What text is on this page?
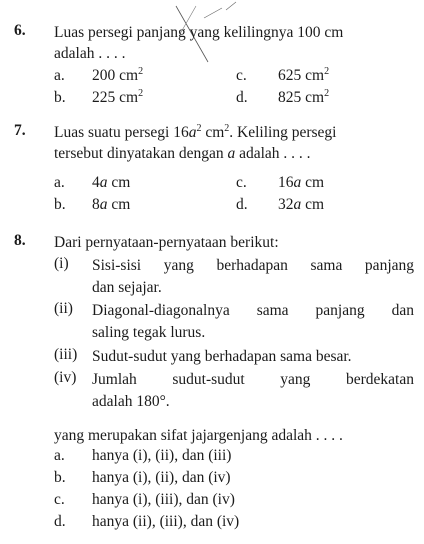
6. Luas persegi panjang yang kelilingnya 100 cm
adalah . . . .
a. 200 $cm^2$	c. 625 $cm^2$
b. 225 $cm^2$	d. 825 $cm^2$
7. Luas suatu persegi $16a^2$ $cm^2$. Keliling persegi
tersebut dinyatakan dengan a adalah . . . .
a. 4a cm	c. 16a cm
b. 8a cm	d. 32a cm
8. Dari pernyataan-pernyataan berikut:
(i) Sisi-sisi yang berhadapan sama panjang
dan sejajar.
(ii) Diagonal-diagonalnya sama panjang dan
saling tegak lurus.
(iii) Sudut-sudut yang berhadapan sama besar.
(iv) Jumlah sudut-sudut yang berdekatan
adalah 180°.
yang merupakan sifat jajargenjang adalah . . . .
a. hanya (i), (ii), dan (iii)
b. hanya (i), (ii), dan (iv)
c. hanya (i), (iii), dan (iv)
d. hanya (ii), (iii), dan (iv)
